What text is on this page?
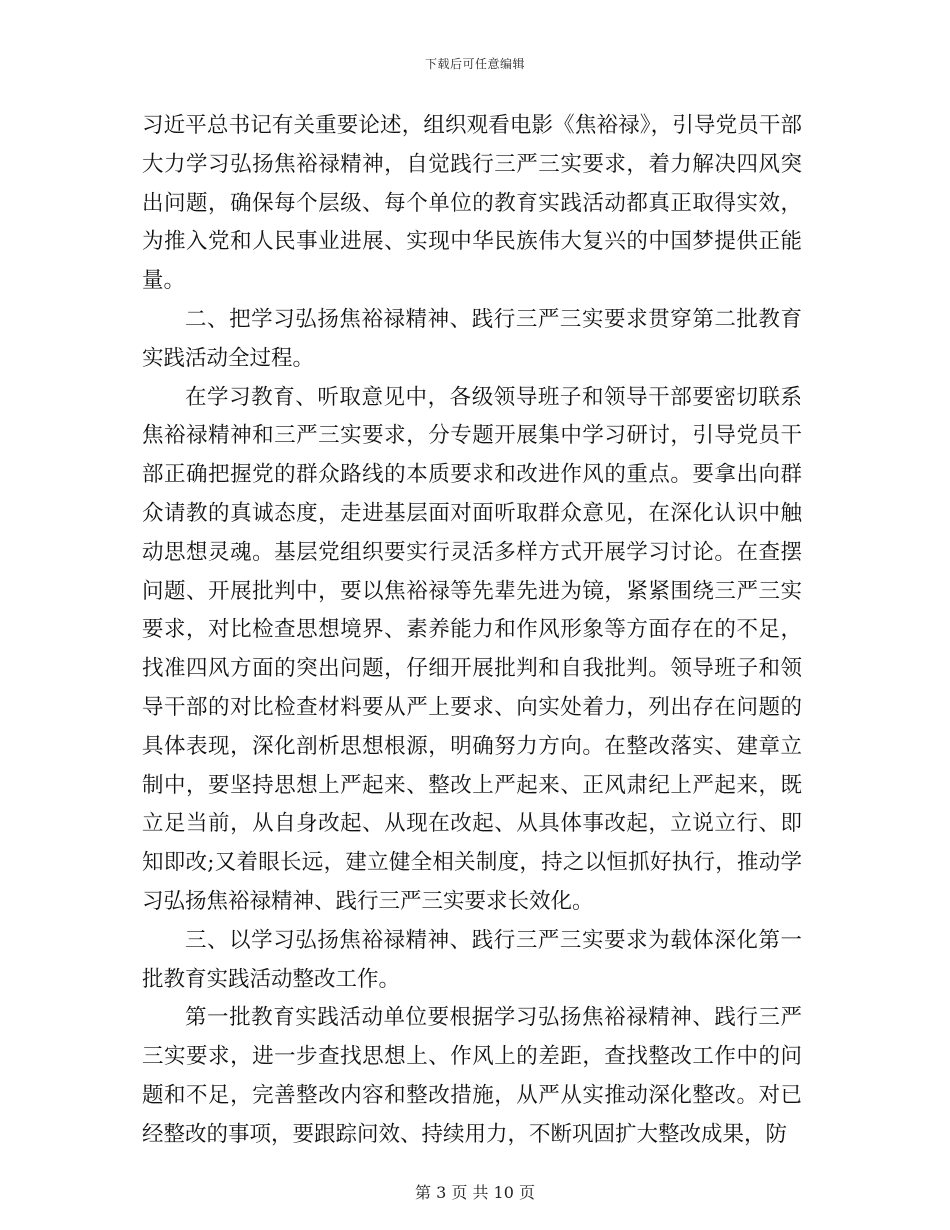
下载后可任意编辑

习近平总书记有关重要论述，组织观看电影《焦裕禄》，引导党员干部大力学习弘扬焦裕禄精神，自觉践行三严三实要求，着力解决四风突出问题，确保每个层级、每个单位的教育实践活动都真正取得实效，为推入党和人民事业进展、实现中华民族伟大复兴的中国梦提供正能量。

二、把学习弘扬焦裕禄精神、践行三严三实要求贯穿第二批教育实践活动全过程。

在学习教育、听取意见中，各级领导班子和领导干部要密切联系焦裕禄精神和三严三实要求，分专题开展集中学习研讨，引导党员干部正确把握党的群众路线的本质要求和改进作风的重点。要拿出向群众请教的真诚态度，走进基层面对面听取群众意见，在深化认识中触动思想灵魂。基层党组织要实行灵活多样方式开展学习讨论。在查摆问题、开展批判中，要以焦裕禄等先辈先进为镜，紧紧围绕三严三实要求，对比检查思想境界、素养能力和作风形象等方面存在的不足，找准四风方面的突出问题，仔细开展批判和自我批判。领导班子和领导干部的对比检查材料要从严上要求、向实处着力，列出存在问题的具体表现，深化剖析思想根源，明确努力方向。在整改落实、建章立制中，要坚持思想上严起来、整改上严起来、正风肃纪上严起来，既立足当前，从自身改起、从现在改起、从具体事改起，立说立行、即知即改;又着眼长远，建立健全相关制度，持之以恒抓好执行，推动学习弘扬焦裕禄精神、践行三严三实要求长效化。

三、以学习弘扬焦裕禄精神、践行三严三实要求为载体深化第一批教育实践活动整改工作。

第一批教育实践活动单位要根据学习弘扬焦裕禄精神、践行三严三实要求，进一步查找思想上、作风上的差距，查找整改工作中的问题和不足，完善整改内容和整改措施，从严从实推动深化整改。对已经整改的事项，要跟踪问效、持续用力，不断巩固扩大整改成果，防

第 3 页 共 10 页
